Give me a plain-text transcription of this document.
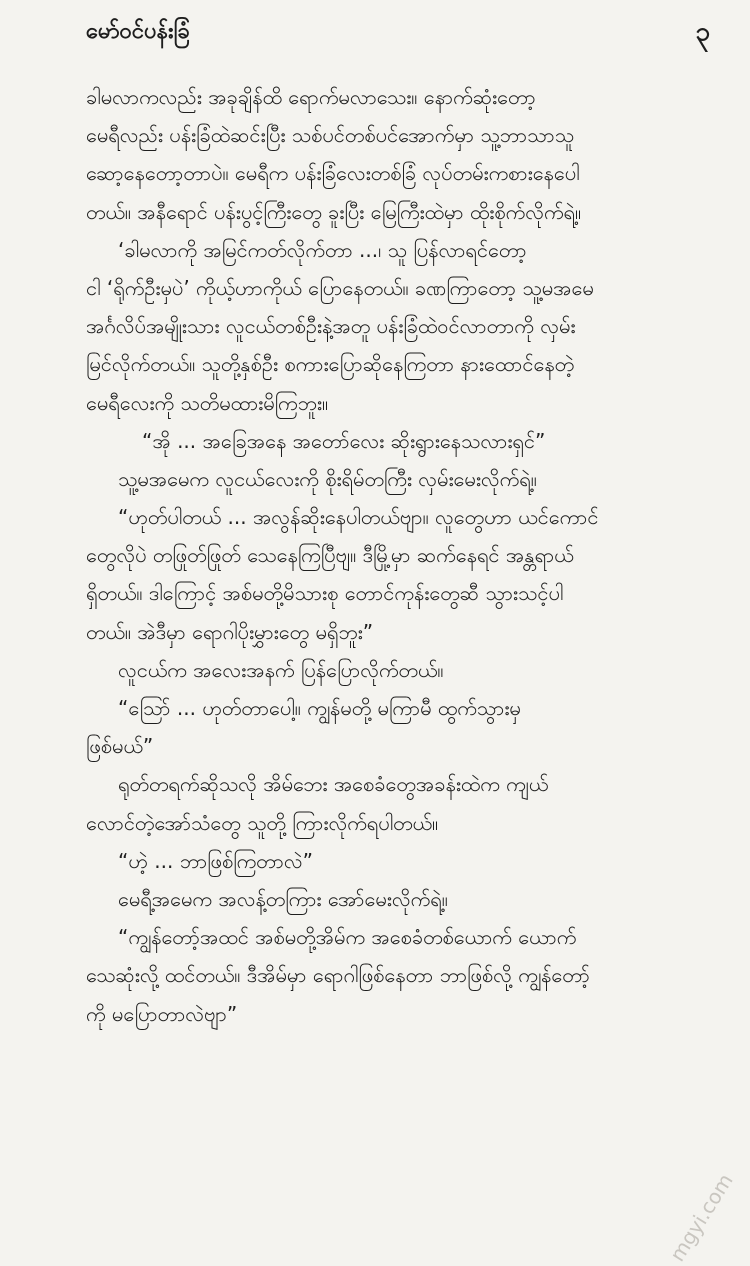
မော်ဝင်ပန်းခြံ	၃
ခါမလာကလည်း အခုချိန်ထိ ရောက်မလာသေး။ နောက်ဆုံးတော့
မေရီလည်း ပန်းခြံထဲဆင်းပြီး သစ်ပင်တစ်ပင်အောက်မှာ သူ့ဘာသာသူ
ဆော့နေတော့တာပဲ။ မေရီက ပန်းခြံလေးတစ်ခြံ လုပ်တမ်းကစားနေပေါ
တယ်။ အနီရောင် ပန်းပွင့်ကြီးတွေ ခူးပြီး မြေကြီးထဲမှာ ထိုးစိုက်လိုက်ရဲ့။
‘ခါမလာကို အမြင်ကတ်လိုက်တာ ...၊ သူ ပြန်လာရင်တော့
ငါ ‘ရိုက်ဦးမှပဲ’ ကိုယ့်ဟာကိုယ် ပြောနေတယ်။ ခဏကြာတော့ သူ့မအမေ
အင်္ဂလိပ်အမျိုးသား လူငယ်တစ်ဦးနဲ့အတူ ပန်းခြံထဲဝင်လာတာကို လှမ်း
မြင်လိုက်တယ်။ သူတို့နှစ်ဦး စကားပြောဆိုနေကြတာ နားထောင်နေတဲ့
မေရီလေးကို သတိမထားမိကြဘူး။
“အို ... အခြေအနေ အတော်လေး ဆိုးရွားနေသလားရှင်”
သူ့မအမေက လူငယ်လေးကို စိုးရိမ်တကြီး လှမ်းမေးလိုက်ရဲ့။
“ဟုတ်ပါတယ် ... အလွန်ဆိုးနေပါတယ်ဗျာ။ လူတွေဟာ ယင်ကောင်
တွေလိုပဲ တဖြုတ်ဖြုတ် သေနေကြပြီဗျ။ ဒီမြို့မှာ ဆက်နေရင် အန္တရာယ်
ရှိတယ်။ ဒါကြောင့် အစ်မတို့မိသားစု တောင်ကုန်းတွေဆီ သွားသင့်ပါ
တယ်။ အဲဒီမှာ ရောဂါပိုးမွှားတွေ မရှိဘူး”
လူငယ်က အလေးအနက် ပြန်ပြောလိုက်တယ်။
“သြော် ... ဟုတ်တာပေါ့။ ကျွန်မတို့ မကြာမီ ထွက်သွားမှ
ဖြစ်မယ်”
ရုတ်တရက်ဆိုသလို အိမ်ဘေး အစေခံတွေအခန်းထဲက ကျယ်
လောင်တဲ့အော်သံတွေ သူတို့ ကြားလိုက်ရပါတယ်။
“ဟဲ့ ... ဘာဖြစ်ကြတာလဲ”
မေရီ့အမေက အလန့်တကြား အော်မေးလိုက်ရဲ့။
“ကျွန်တော့်အထင် အစ်မတို့အိမ်က အစေခံတစ်ယောက် ယောက်
သေဆုံးလို့ ထင်တယ်။ ဒီအိမ်မှာ ရောဂါဖြစ်နေတာ ဘာဖြစ်လို့ ကျွန်တော့်
ကို မပြောတာလဲဗျာ”
mgyi.com
